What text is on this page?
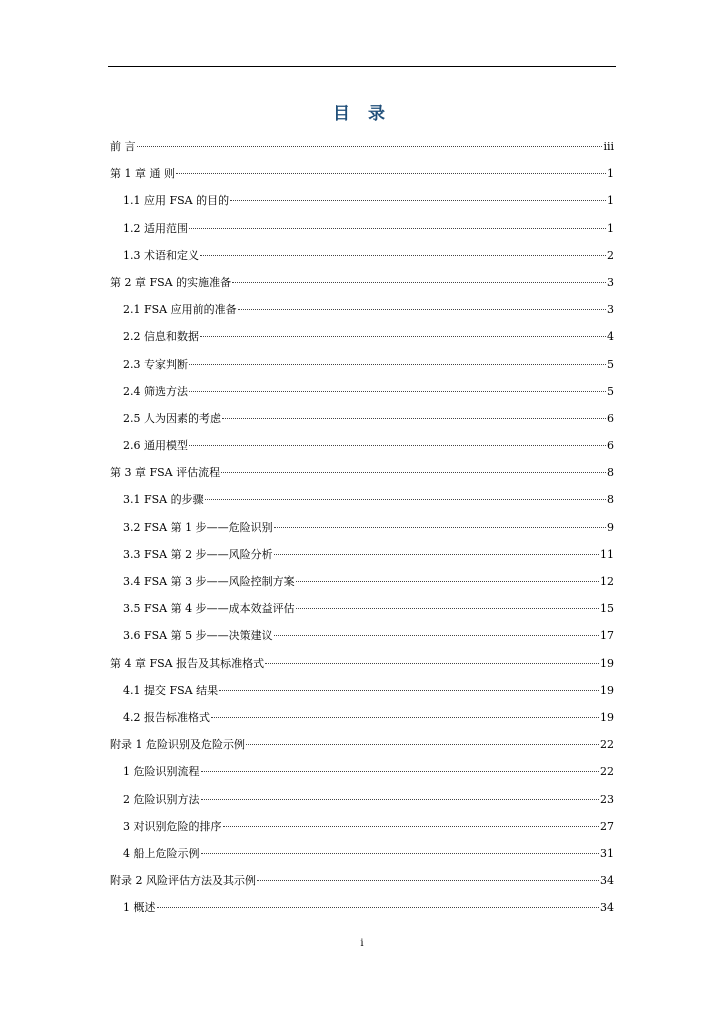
目 录
前 言	iii
第 1 章 通 则	1
1.1 应用 FSA 的目的	1
1.2 适用范围	1
1.3 术语和定义	2
第 2 章 FSA 的实施准备	3
2.1 FSA 应用前的准备	3
2.2 信息和数据	4
2.3 专家判断	5
2.4 筛选方法	5
2.5 人为因素的考虑	6
2.6 通用模型	6
第 3 章 FSA 评估流程	8
3.1 FSA 的步骤	8
3.2 FSA 第 1 步——危险识别	9
3.3 FSA 第 2 步——风险分析	11
3.4 FSA 第 3 步——风险控制方案	12
3.5 FSA 第 4 步——成本效益评估	15
3.6 FSA 第 5 步——决策建议	17
第 4 章 FSA 报告及其标准格式	19
4.1 提交 FSA 结果	19
4.2 报告标准格式	19
附录 1 危险识别及危险示例	22
1 危险识别流程	22
2 危险识别方法	23
3 对识别危险的排序	27
4 船上危险示例	31
附录 2 风险评估方法及其示例	34
1 概述	34
i
